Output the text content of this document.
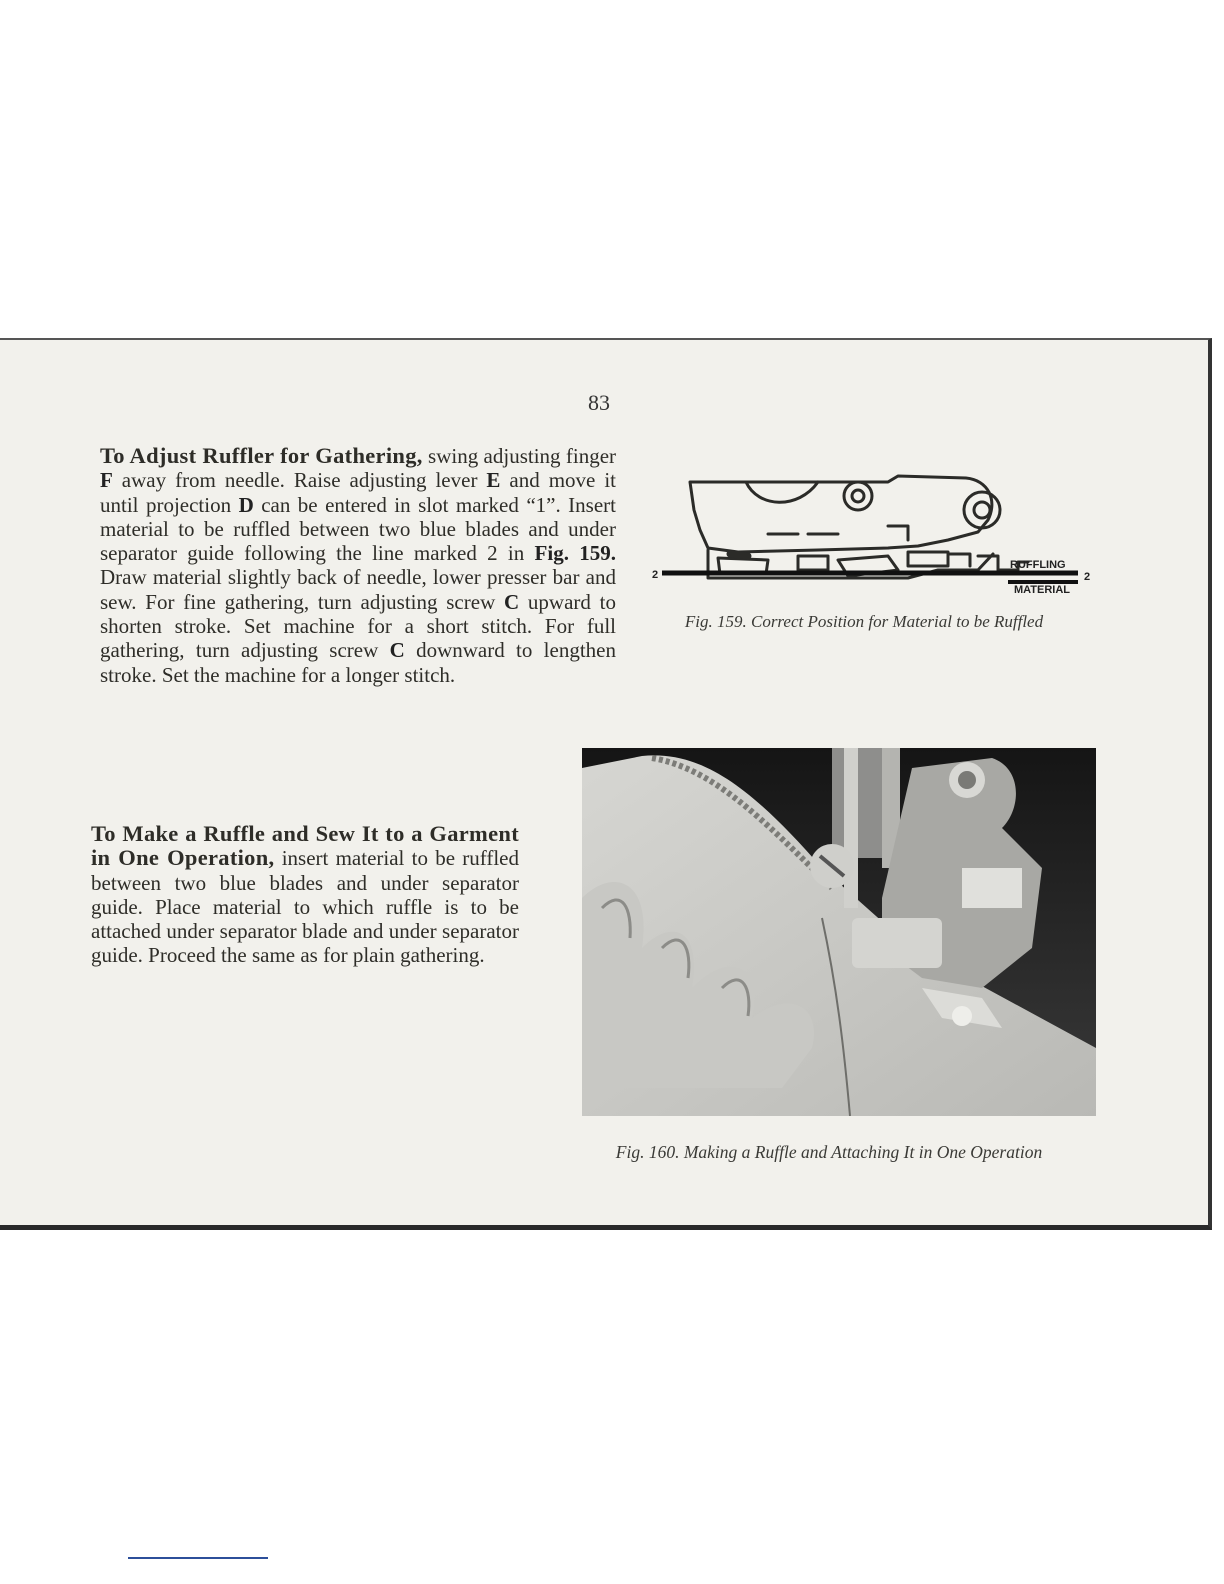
83
To Adjust Ruffler for Gathering, swing adjusting finger F away from needle. Raise adjusting lever E and move it until projection D can be entered in slot marked “1”. Insert material to be ruffled between two blue blades and under separator guide following the line marked 2 in Fig. 159. Draw material slightly back of needle, lower presser bar and sew. For fine gathering, turn adjusting screw C upward to shorten stroke. Set machine for a short stitch. For full gathering, turn adjusting screw C downward to lengthen stroke. Set the machine for a longer stitch.
To Make a Ruffle and Sew It to a Garment in One Operation, insert material to be ruffled between two blue blades and under separator guide. Place material to which ruffle is to be attached under separator blade and under separator guide. Proceed the same as for plain gathering.
2	2
RUFFLING
MATERIAL
Fig. 159. Correct Position for Material to be Ruffled
Fig. 160. Making a Ruffle and Attaching It in One Operation
